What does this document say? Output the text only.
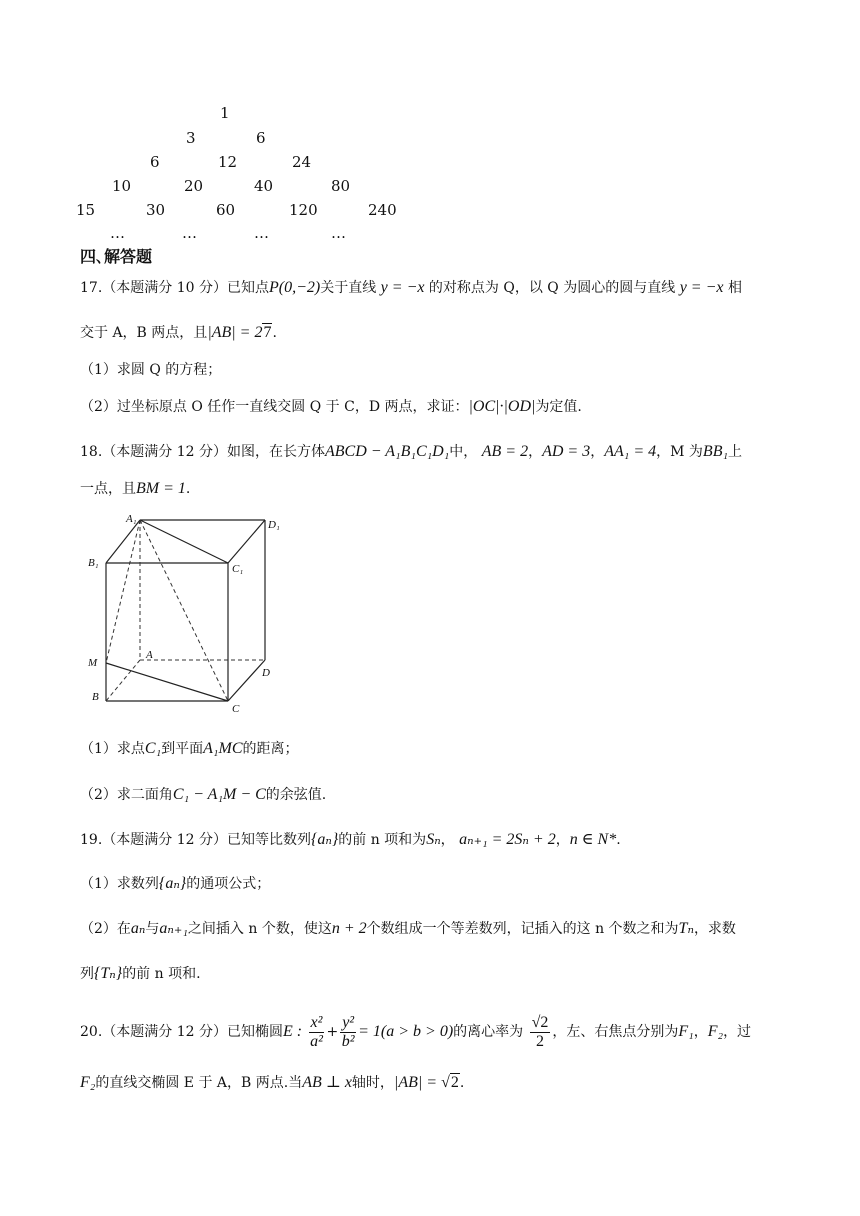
1
3	6
6	12	24
10	20	40	80
15	30	60	120	240
…	…	…	…
四､解答题
17.（本题满分 10 分）已知点P(0,−2)关于直线 y = −x 的对称点为 Q，以 Q 为圆心的圆与直线 y = −x 相
交于 A，B 两点，且|AB| = 27.
（1）求圆 Q 的方程；
（2）过坐标原点 O 任作一直线交圆 Q 于 C，D 两点，求证：|OC|·|OD|为定值.
18.（本题满分 12 分）如图，在长方体ABCD − A₁B₁C₁D₁中， AB = 2，AD = 3，AA₁ = 4，M 为BB₁上
一点，且BM = 1.
A₁	D₁
B₁	C₁
M
A
D
B
C
（1）求点C₁到平面A₁MC的距离；
（2）求二面角C₁ − A₁M − C的余弦值.
19.（本题满分 12 分）已知等比数列{aₙ}的前 n 项和为Sₙ， aₙ₊₁ = 2Sₙ + 2，n ∈ N*.
（1）求数列{aₙ}的通项公式；
（2）在aₙ与aₙ₊₁之间插入 n 个数，使这n + 2个数组成一个等差数列，记插入的这 n 个数之和为Tₙ，求数
列{Tₙ}的前 n 项和.
20.（本题满分 12 分）已知椭圆E : $\frac{\text{x²}}{\text{a²}} + \frac{\text{y²}}{\text{b²}} = 1(a > b > 0)$的离心率为 $\frac{√2}{2}$ ，左、右焦点分别为F₁，F₂，过
F₂的直线交椭圆 E 于 A，B 两点.当AB ⊥ x轴时，|AB| = √2.
